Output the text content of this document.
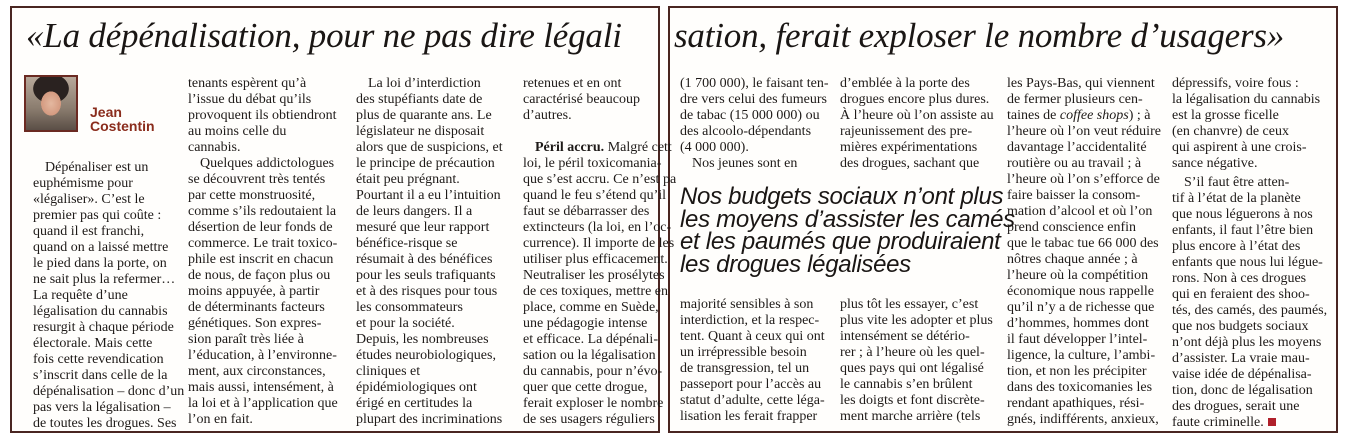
«La dépénalisation, pour ne pas dire légali sation, ferait exploser le nombre d’usagers»
Jean
Costentin
Nos budgets sociaux n’ont plus
les moyens d’assister les camés
et les paumés que produiraient
les drogues légalisées
Dépénaliser est un
euphémisme pour
«légaliser». C’est le
premier pas qui coûte :
quand il est franchi,
quand on a laissé mettre
le pied dans la porte, on
ne sait plus la refermer…
La requête d’une
légalisation du cannabis
resurgit à chaque période
électorale. Mais cette
fois cette revendication
s’inscrit dans celle de la
dépénalisation – donc d’un
pas vers la légalisation –
de toutes les drogues. Ses
tenants espèrent qu’à
l’issue du débat qu’ils
provoquent ils obtiendront
au moins celle du
cannabis.
Quelques addictologues
se découvrent très tentés
par cette monstruosité,
comme s’ils redoutaient la
désertion de leur fonds de
commerce. Le trait toxico-
phile est inscrit en chacun
de nous, de façon plus ou
moins appuyée, à partir
de déterminants facteurs
génétiques. Son expres-
sion paraît très liée à
l’éducation, à l’environne-
ment, aux circonstances,
mais aussi, intensément, à
la loi et à l’application que
l’on en fait.
La loi d’interdiction
des stupéfiants date de
plus de quarante ans. Le
législateur ne disposait
alors que de suspicions, et
le principe de précaution
était peu prégnant.
Pourtant il a eu l’intuition
de leurs dangers. Il a
mesuré que leur rapport
bénéfice-risque se
résumait à des bénéfices
pour les seuls trafiquants
et à des risques pour tous
les consommateurs
et pour la société.
Depuis, les nombreuses
études neurobiologiques,
cliniques et
épidémiologiques ont
érigé en certitudes la
plupart des incriminations
retenues et en ont
caractérisé beaucoup
d’autres.
Péril accru. Malgré cett
loi, le péril toxicomania-
que s’est accru. Ce n’est pa
quand le feu s’étend qu’il
faut se débarrasser des
extincteurs (la loi, en l’oc-
currence). Il importe de les
utiliser plus efficacement.
Neutraliser les prosélytes
de ces toxiques, mettre en
place, comme en Suède,
une pédagogie intense
et efficace. La dépénali-
sation ou la légalisation
du cannabis, pour n’évo-
quer que cette drogue,
ferait exploser le nombre
de ses usagers réguliers
(1 700 000), le faisant ten-
dre vers celui des fumeurs
de tabac (15 000 000) ou
des alcoolo-dépendants
(4 000 000).
Nos jeunes sont en
majorité sensibles à son
interdiction, et la respec-
tent. Quant à ceux qui ont
un irrépressible besoin
de transgression, tel un
passeport pour l’accès au
statut d’adulte, cette léga-
lisation les ferait frapper
d’emblée à la porte des
drogues encore plus dures.
À l’heure où l’on assiste au
rajeunissement des pre-
mières expérimentations
des drogues, sachant que
plus tôt les essayer, c’est
plus vite les adopter et plus
intensément se détério-
rer ; à l’heure où les quel-
ques pays qui ont légalisé
le cannabis s’en brûlent
les doigts et font discrète-
ment marche arrière (tels
les Pays-Bas, qui viennent
de fermer plusieurs cen-
taines de coffee shops) ; à
l’heure où l’on veut réduire
davantage l’accidentalité
routière ou au travail ; à
l’heure où l’on s’efforce de
faire baisser la consom-
mation d’alcool et où l’on
prend conscience enfin
que le tabac tue 66 000 des
nôtres chaque année ; à
l’heure où la compétition
économique nous rappelle
qu’il n’y a de richesse que
d’hommes, hommes dont
il faut développer l’intel-
ligence, la culture, l’ambi-
tion, et non les précipiter
dans des toxicomanies les
rendant apathiques, rési-
gnés, indifférents, anxieux,
dépressifs, voire fous :
la légalisation du cannabis
est la grosse ficelle
(en chanvre) de ceux
qui aspirent à une crois-
sance négative.
S’il faut être atten-
tif à l’état de la planète
que nous léguerons à nos
enfants, il faut l’être bien
plus encore à l’état des
enfants que nous lui légue-
rons. Non à ces drogues
qui en feraient des shoo-
tés, des camés, des paumés,
que nos budgets sociaux
n’ont déjà plus les moyens
d’assister. La vraie mau-
vaise idée de dépénalisa-
tion, donc de légalisation
des drogues, serait une
faute criminelle.
